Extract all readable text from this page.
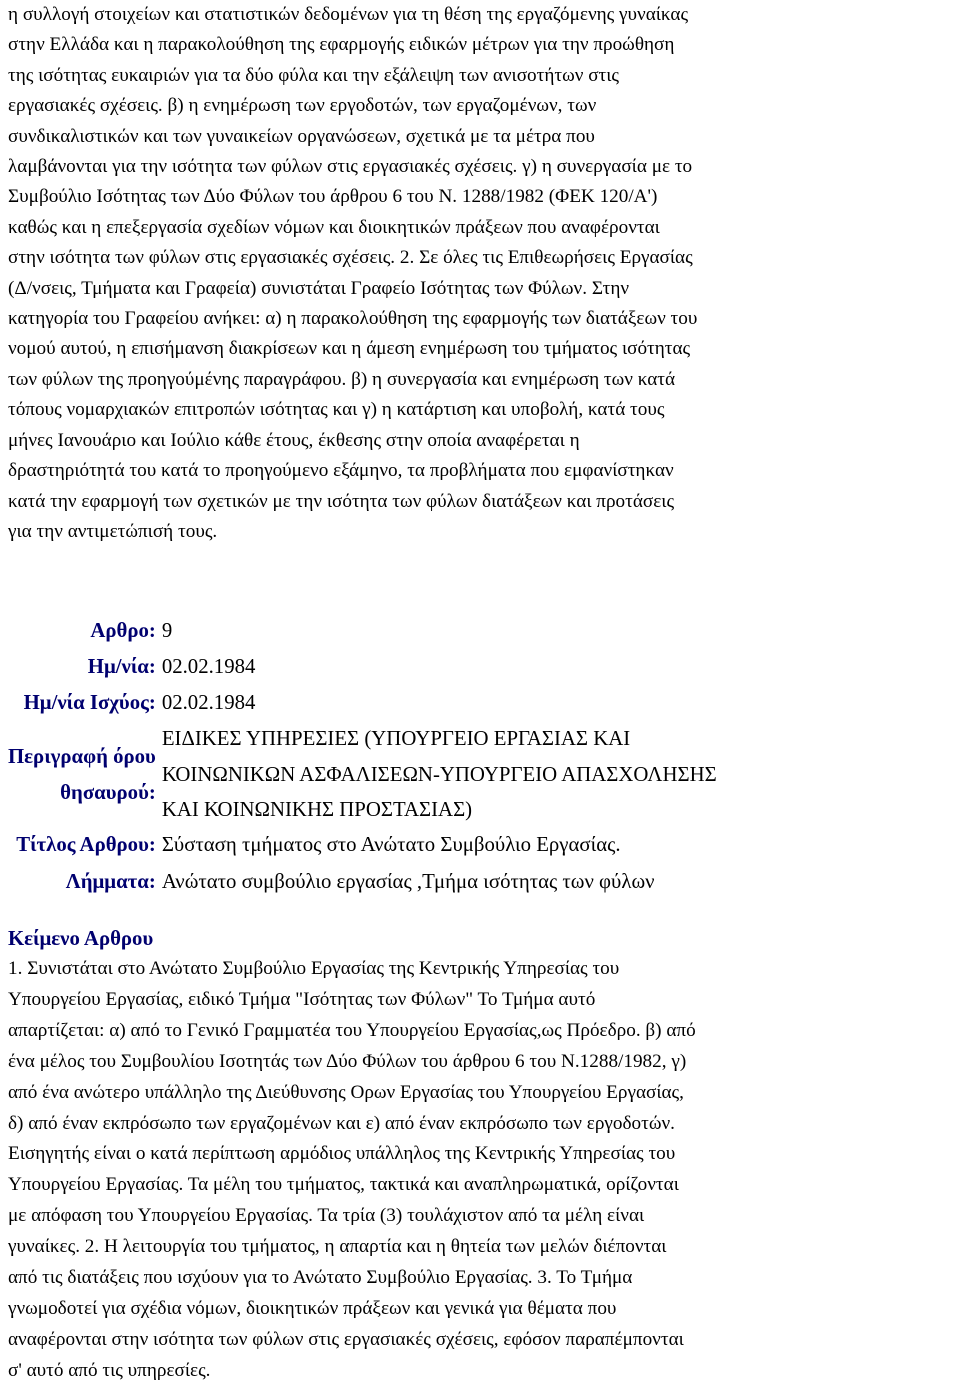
η συλλογή στοιχείων και στατιστικών δεδομένων για τη θέση της εργαζόμενης γυναίκας
στην Ελλάδα και η παρακολούθηση της εφαρμογής ειδικών μέτρων για την προώθηση
της ισότητας ευκαιριών για τα δύο φύλα και την εξάλειψη των ανισοτήτων στις
εργασιακές σχέσεις. β) η ενημέρωση των εργοδοτών, των εργαζομένων, των
συνδικαλιστικών και των γυναικείων οργανώσεων, σχετικά με τα μέτρα που
λαμβάνονται για την ισότητα των φύλων στις εργασιακές σχέσεις. γ) η συνεργασία με το
Συμβούλιο Ισότητας των Δύο Φύλων του άρθρου 6 του Ν. 1288/1982 (ΦΕΚ 120/Α')
καθώς και η επεξεργασία σχεδίων νόμων και διοικητικών πράξεων που αναφέρονται
στην ισότητα των φύλων στις εργασιακές σχέσεις. 2. Σε όλες τις Επιθεωρήσεις Εργασίας
(Δ/νσεις, Τμήματα και Γραφεία) συνιστάται Γραφείο Ισότητας των Φύλων. Στην
κατηγορία του Γραφείου ανήκει: α) η παρακολούθηση της εφαρμογής των διατάξεων του
νομού αυτού, η επισήμανση διακρίσεων και η άμεση ενημέρωση του τμήματος ισότητας
των φύλων της προηγούμένης παραγράφου. β) η συνεργασία και ενημέρωση των κατά
τόπους νομαρχιακών επιτροπών ισότητας και γ) η κατάρτιση και υποβολή, κατά τους
μήνες Ιανουάριο και Ιούλιο κάθε έτους, έκθεσης στην οποία αναφέρεται η
δραστηριότητά του κατά το προηγούμενο εξάμηνο, τα προβλήματα που εμφανίστηκαν
κατά την εφαρμογή των σχετικών με την ισότητα των φύλων διατάξεων και προτάσεις
για την αντιμετώπισή τους.

Αρθρο:	9
Ημ/νία:	02.02.1984
Ημ/νία Ισχύος:	02.02.1984
Περιγραφή όρου
θησαυρού:	ΕΙΔΙΚΕΣ ΥΠΗΡΕΣΙΕΣ (ΥΠΟΥΡΓΕΙΟ ΕΡΓΑΣΙΑΣ ΚΑΙ
ΚΟΙΝΩΝΙΚΩΝ ΑΣΦΑΛΙΣΕΩΝ-ΥΠΟΥΡΓΕΙΟ ΑΠΑΣΧΟΛΗΣΗΣ
ΚΑΙ ΚΟΙΝΩΝΙΚΗΣ ΠΡΟΣΤΑΣΙΑΣ)
Τίτλος Αρθρου:	Σύσταση τμήματος στο Ανώτατο Συμβούλιο Εργασίας.
Λήμματα:	Ανώτατο συμβούλιο εργασίας ,Τμήμα ισότητας των φύλων
Κείμενο Αρθρου

1. Συνιστάται στο Ανώτατο Συμβούλιο Εργασίας της Κεντρικής Υπηρεσίας του
Υπουργείου Εργασίας, ειδικό Τμήμα "Ισότητας των Φύλων" Το Τμήμα αυτό
απαρτίζεται: α) από το Γενικό Γραμματέα του Υπουργείου Εργασίας,ως Πρόεδρο. β) από
ένα μέλος του Συμβουλίου Ισοτητάς των Δύο Φύλων του άρθρου 6 του Ν.1288/1982, γ)
από ένα ανώτερο υπάλληλο της Διεύθυνσης Ορων Εργασίας του Υπουργείου Εργασίας,
δ) από έναν εκπρόσωπο των εργαζομένων και ε) από έναν εκπρόσωπο των εργοδοτών.
Εισηγητής είναι ο κατά περίπτωση αρμόδιος υπάλληλος της Κεντρικής Υπηρεσίας του
Υπουργείου Εργασίας. Τα μέλη του τμήματος, τακτικά και αναπληρωματικά, ορίζονται
με απόφαση του Υπουργείου Εργασίας. Τα τρία (3) τουλάχιστον από τα μέλη είναι
γυναίκες. 2. Η λειτουργία του τμήματος, η απαρτία και η θητεία των μελών διέπονται
από τις διατάξεις που ισχύουν για το Ανώτατο Συμβούλιο Εργασίας. 3. Το Τμήμα
γνωμοδοτεί για σχέδια νόμων, διοικητικών πράξεων και γενικά για θέματα που
αναφέρονται στην ισότητα των φύλων στις εργασιακές σχέσεις, εφόσον παραπέμπονται
σ' αυτό από τις υπηρεσίες.
